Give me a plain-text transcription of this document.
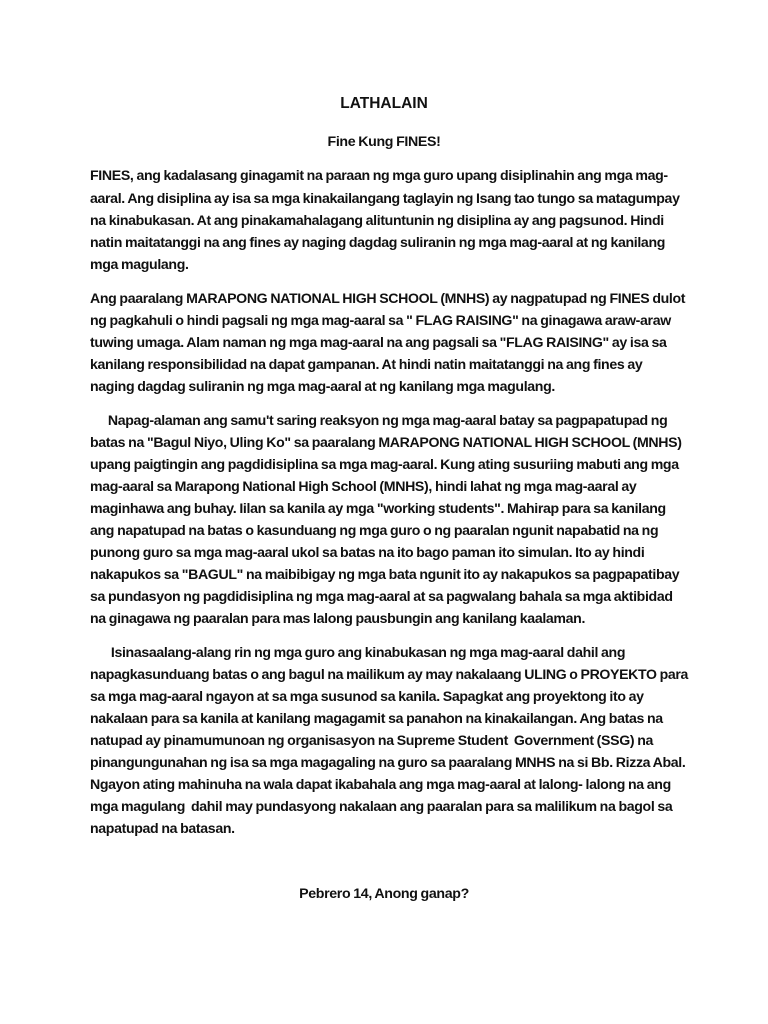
LATHALAIN
Fine Kung FINES!
FINES, ang kadalasang ginagamit na paraan ng mga guro upang disiplinahin ang mga mag-
aaral. Ang disiplina ay isa sa mga kinakailangang taglayin ng Isang tao tungo sa matagumpay
na kinabukasan. At ang pinakamahalagang alituntunin ng disiplina ay ang pagsunod. Hindi
natin maitatanggi na ang fines ay naging dagdag suliranin ng mga mag-aaral at ng kanilang
mga magulang.
Ang paaralang MARAPONG NATIONAL HIGH SCHOOL (MNHS) ay nagpatupad ng FINES dulot
ng pagkahuli o hindi pagsali ng mga mag-aaral sa " FLAG RAISING" na ginagawa araw-araw
tuwing umaga. Alam naman ng mga mag-aaral na ang pagsali sa "FLAG RAISING" ay isa sa
kanilang responsibilidad na dapat gampanan. At hindi natin maitatanggi na ang fines ay
naging dagdag suliranin ng mga mag-aaral at ng kanilang mga magulang.
Napag-alaman ang samu't saring reaksyon ng mga mag-aaral batay sa pagpapatupad ng
batas na "Bagul Niyo, Uling Ko" sa paaralang MARAPONG NATIONAL HIGH SCHOOL (MNHS)
upang paigtingin ang pagdidisiplina sa mga mag-aaral. Kung ating susuriing mabuti ang mga
mag-aaral sa Marapong National High School (MNHS), hindi lahat ng mga mag-aaral ay
maginhawa ang buhay. Iilan sa kanila ay mga "working students". Mahirap para sa kanilang
ang napatupad na batas o kasunduang ng mga guro o ng paaralan ngunit napabatid na ng
punong guro sa mga mag-aaral ukol sa batas na ito bago paman ito simulan. Ito ay hindi
nakapukos sa "BAGUL" na maibibigay ng mga bata ngunit ito ay nakapukos sa pagpapatibay
sa pundasyon ng pagdidisiplina ng mga mag-aaral at sa pagwalang bahala sa mga aktibidad
na ginagawa ng paaralan para mas lalong pausbungin ang kanilang kaalaman.
Isinasaalang-alang rin ng mga guro ang kinabukasan ng mga mag-aaral dahil ang
napagkasunduang batas o ang bagul na mailikum ay may nakalaang ULING o PROYEKTO para
sa mga mag-aaral ngayon at sa mga susunod sa kanila. Sapagkat ang proyektong ito ay
nakalaan para sa kanila at kanilang magagamit sa panahon na kinakailangan. Ang batas na
natupad ay pinamumunoan ng organisasyon na Supreme Student  Government (SSG) na
pinangungunahan ng isa sa mga magagaling na guro sa paaralang MNHS na si Bb. Rizza Abal.
Ngayon ating mahinuha na wala dapat ikabahala ang mga mag-aaral at lalong- lalong na ang
mga magulang  dahil may pundasyong nakalaan ang paaralan para sa malilikum na bagol sa
napatupad na batasan.
Pebrero 14, Anong ganap?
